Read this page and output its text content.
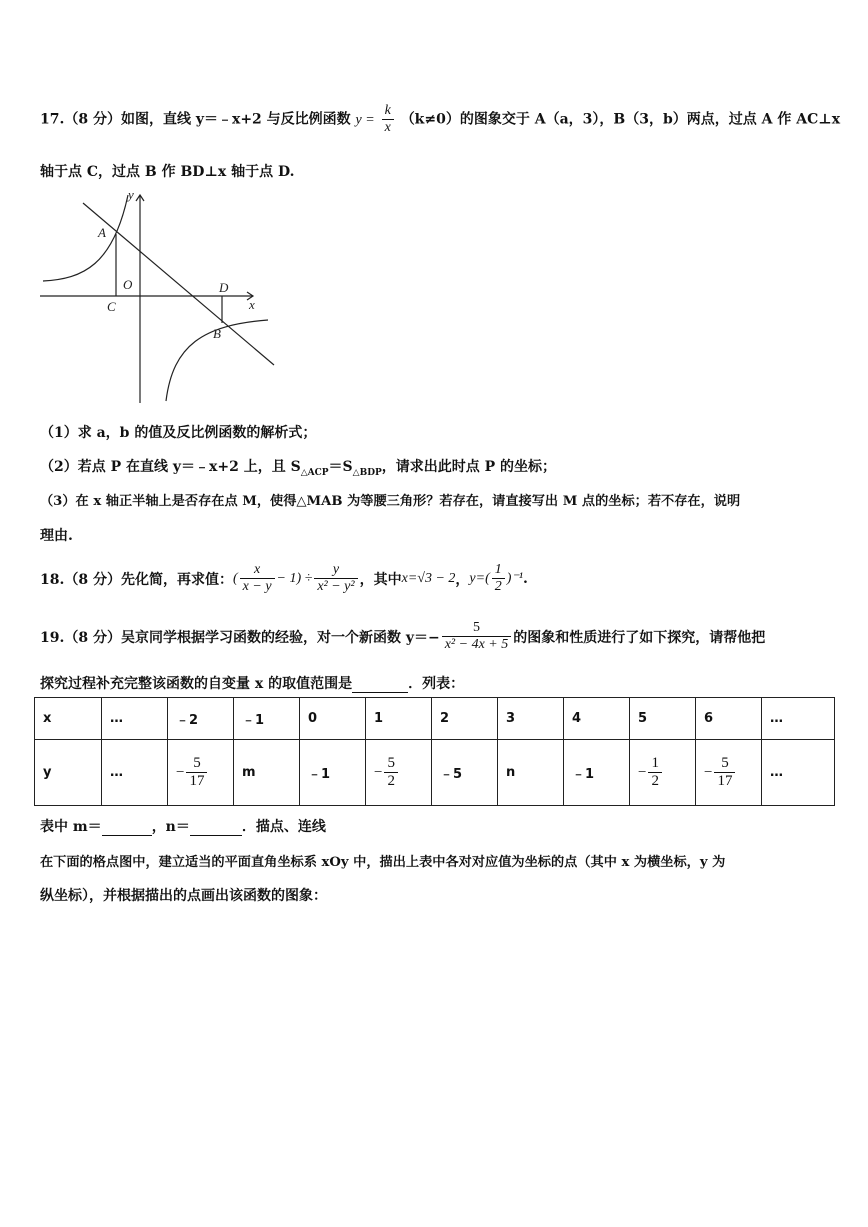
17.（8 分）如图，直线 y＝﹣x+2 与反比例函数 $y = \frac{k}{x} (k\ne 0)$的图象交于 A（a，3），B（3，b）两点，过点 A 作 AC⊥x
轴于点 C，过点 B 作 BD⊥x 轴于点 D.
y
x
A
O
C
D
B
（1）求 a，b 的值及反比例函数的解析式；
（2）若点 P 在直线 y＝﹣x+2 上，且 $S_{\triangle ACP}=S_{\triangle BDP}$，请求出此时点 P 的坐标；
（3）在 x 轴正半轴上是否存在点 M，使得△MAB 为等腰三角形？若存在，请直接写出 M 点的坐标；若不存在，说明
理由.
18.（8 分）先化简，再求值： ( $\frac{x}{x - y} - 1) \div \frac{y}{\text{x² − y²}}$ ，其中 x=√3 − 2 ， $y=( \frac{1}{2} )^{-1}$ .
19.（8 分）吴京同学根据学习函数的经验，对一个新函数 $y=- \frac{5}{\text{x² − 4x + 5}}$ 的图象和性质进行了如下探究，请帮他把
探究过程补充完整该函数的自变量 x 的取值范围是	．列表：
x	…	﹣2	﹣1	0	1	2	3	4	5	6	…
y	…	− $\frac{5}{17}$	m	﹣1	− $\frac{5}{2}$	﹣5	n	﹣1	− $\frac{1}{2}$	− $\frac{5}{17}$	…
表中 m＝	，n＝	．描点、连线
在下面的格点图中，建立适当的平面直角坐标系 xOy 中，描出上表中各对对应值为坐标的点（其中 x 为横坐标，y 为
纵坐标），并根据描出的点画出该函数的图象：
